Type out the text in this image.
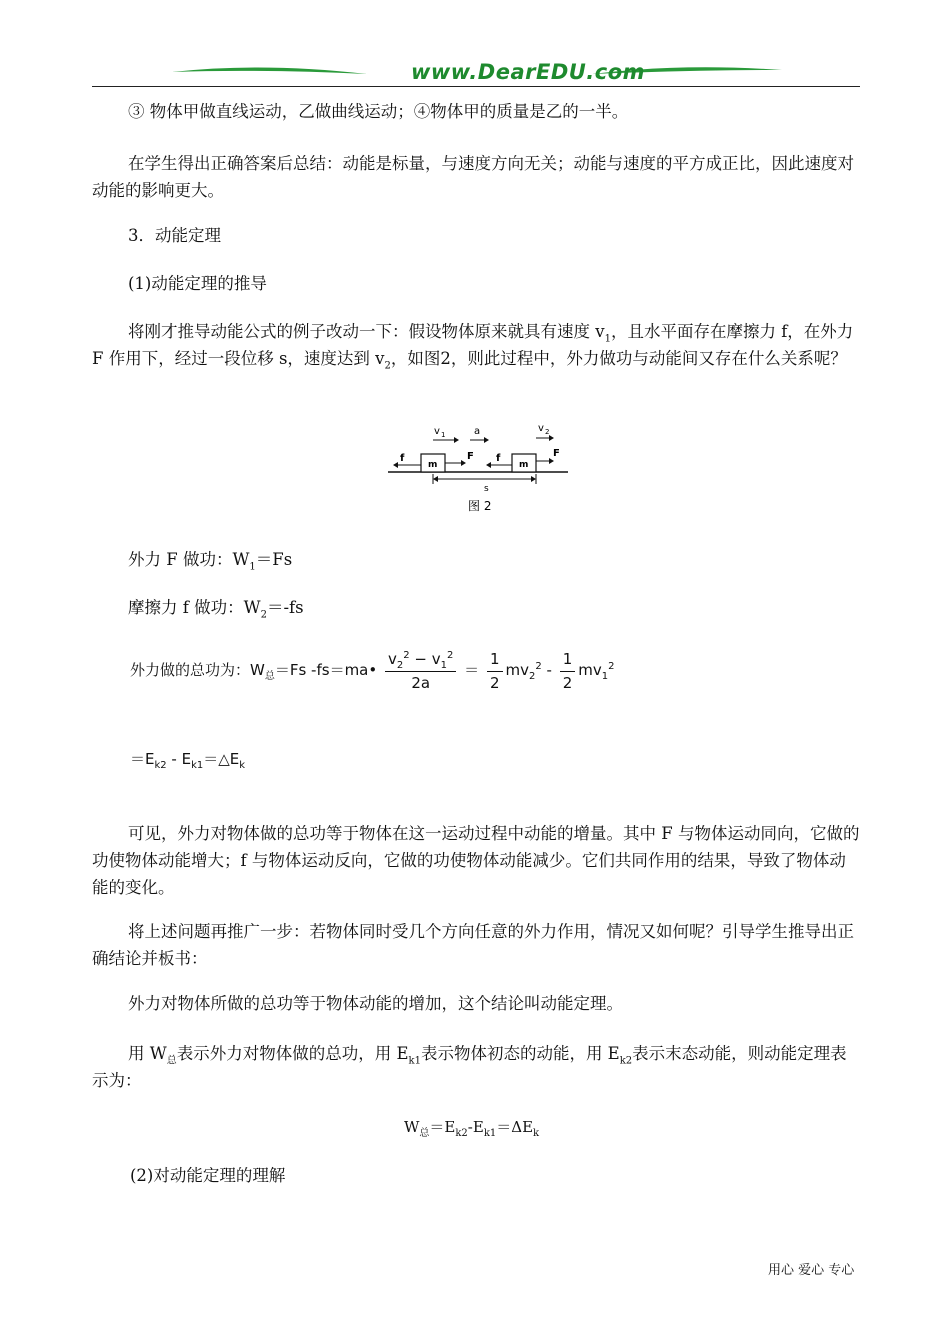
www.DearEDU.com

③ 物体甲做直线运动，乙做曲线运动；④物体甲的质量是乙的一半。

在学生得出正确答案后总结：动能是标量，与速度方向无关；动能与速度的平方成正比，因此速度对动能的影响更大。

3．动能定理

(1)动能定理的推导

将刚才推导动能公式的例子改动一下：假设物体原来就具有速度 $v_1$，且水平面存在摩擦力 f，在外力 F 作用下，经过一段位移 s，速度达到 $v_2$，如图2，则此过程中，外力做功与动能间又存在什么关系呢？

v 1	a	v 2
m	m
f	F f	F
s
图 2
外力 F 做功：$W_1=Fs$
摩擦力 f 做功：$W_2=-fs$
外力做的总功为：$W_总=Fs$ -fs＝ma• $\frac{v_2^2 - v_1^2}{2a} = \frac{1}{2} mv_2^2 - \frac{1}{2} mv_1^2$
$=E_{k2}$ - $E_{k1}=\triangle E_k$

可见，外力对物体做的总功等于物体在这一运动过程中动能的增量。其中 F 与物体运动同向，它做的功使物体动能增大；f 与物体运动反向，它做的功使物体动能减少。它们共同作用的结果，导致了物体动能的变化。

将上述问题再推广一步：若物体同时受几个方向任意的外力作用，情况又如何呢？引导学生推导出正确结论并板书：

外力对物体所做的总功等于物体动能的增加，这个结论叫动能定理。

用 $W_总$表示外力对物体做的总功，用 $E_{k1}$表示物体初态的动能，用 $E_{k2}$表示末态动能，则动能定理表示为：

$W_总=E_{k2}-E_{k1}=\Delta E_k$

(2)对动能定理的理解

用心 爱心 专心
